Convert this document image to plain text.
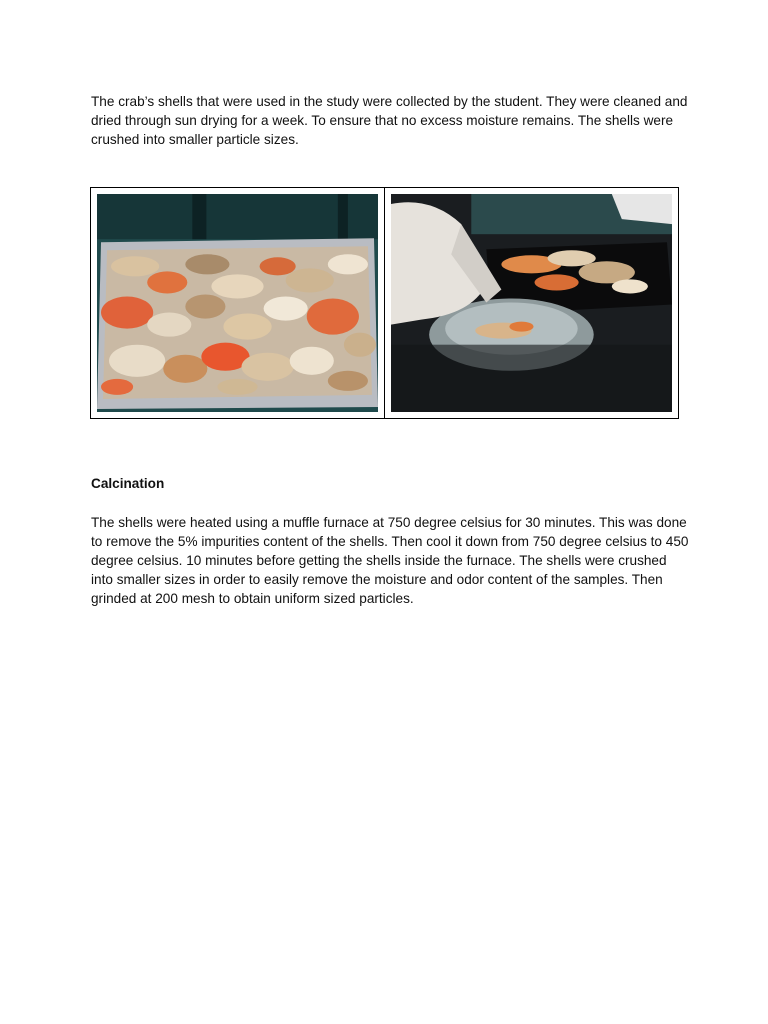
The crab’s shells that were used in the study were collected by the student. They were cleaned and dried through sun drying for a week. To ensure that no excess moisture remains. The shells were crushed into smaller particle sizes.

Calcination

The shells were heated using a muffle furnace at 750 degree celsius for 30 minutes. This was done to remove the 5% impurities content of the shells. Then cool it down from 750 degree celsius to 450 degree celsius. 10 minutes before getting the shells inside the furnace. The shells were crushed into smaller sizes in order to easily remove the moisture and odor content of the samples. Then grinded at 200 mesh to obtain uniform sized particles.
